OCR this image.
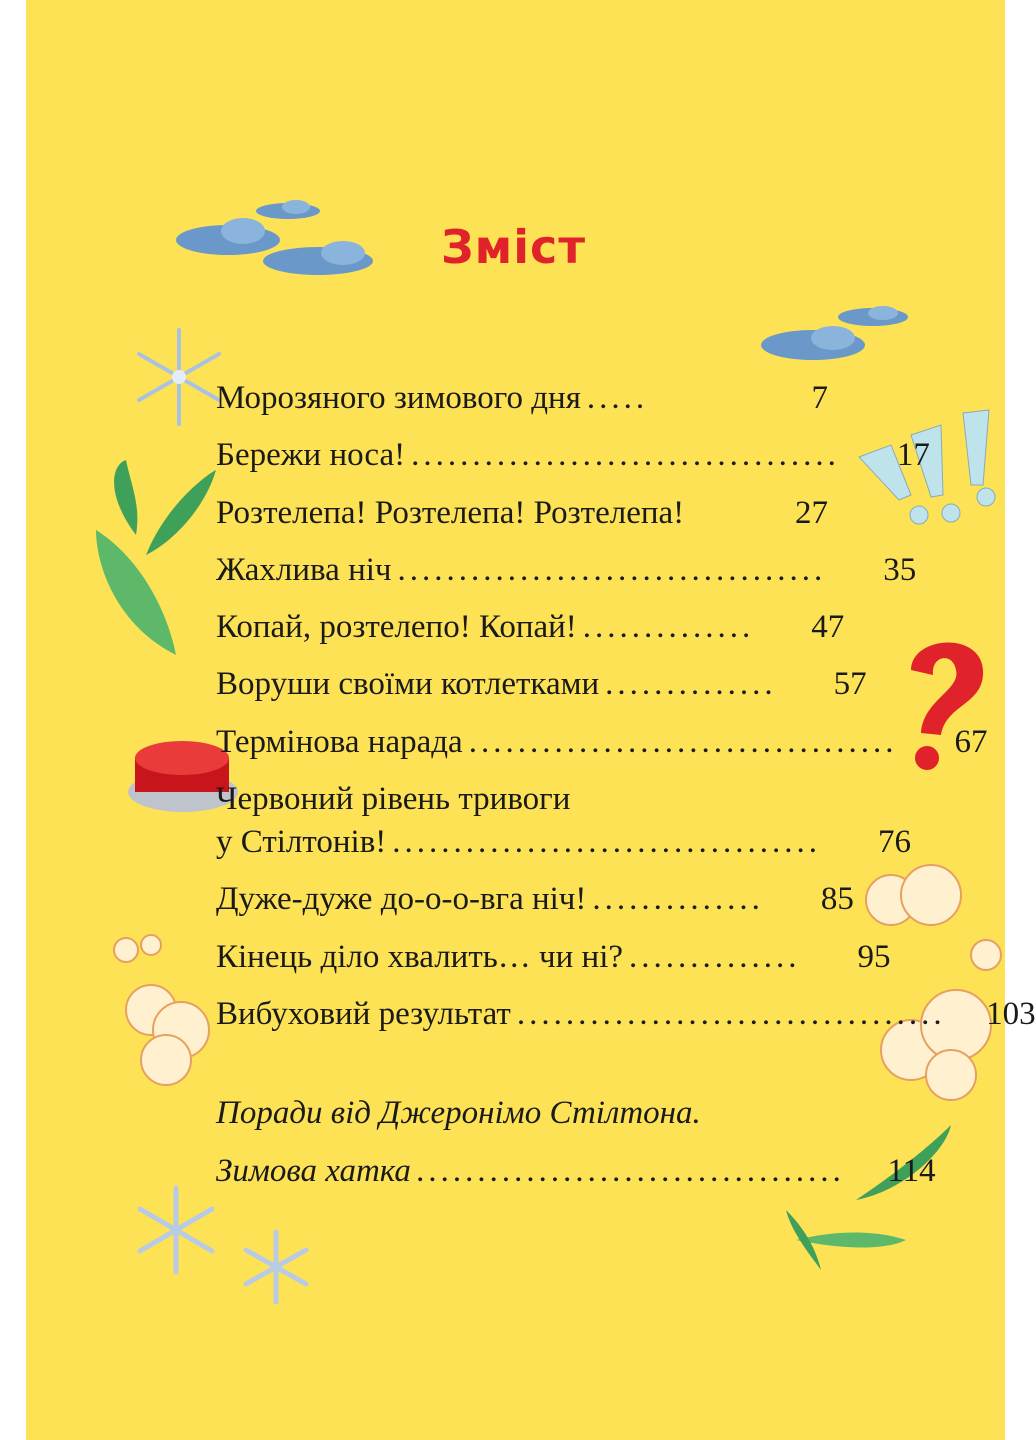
Зміст
Морозяного зимового дня .....	7
Бережи носа! ...................................	17
Розтелепа! Розтелепа! Розтелепа!	27
Жахлива ніч ...................................	35
Копай, розтелепо! Копай! ..............	47
Воруши своїми котлетками ..............	57
Термінова нарада ...................................	67
Червоний рівень тривоги
у Стілтонів! ...................................	76
Дуже-дуже до-о-о-вга ніч! ..............	85
Кінець діло хвалить… чи ні? ..............	95
Вибуховий результат ................................... 103
Поради від Джеронімо Стілтона.
Зимова хатка ................................... 114
